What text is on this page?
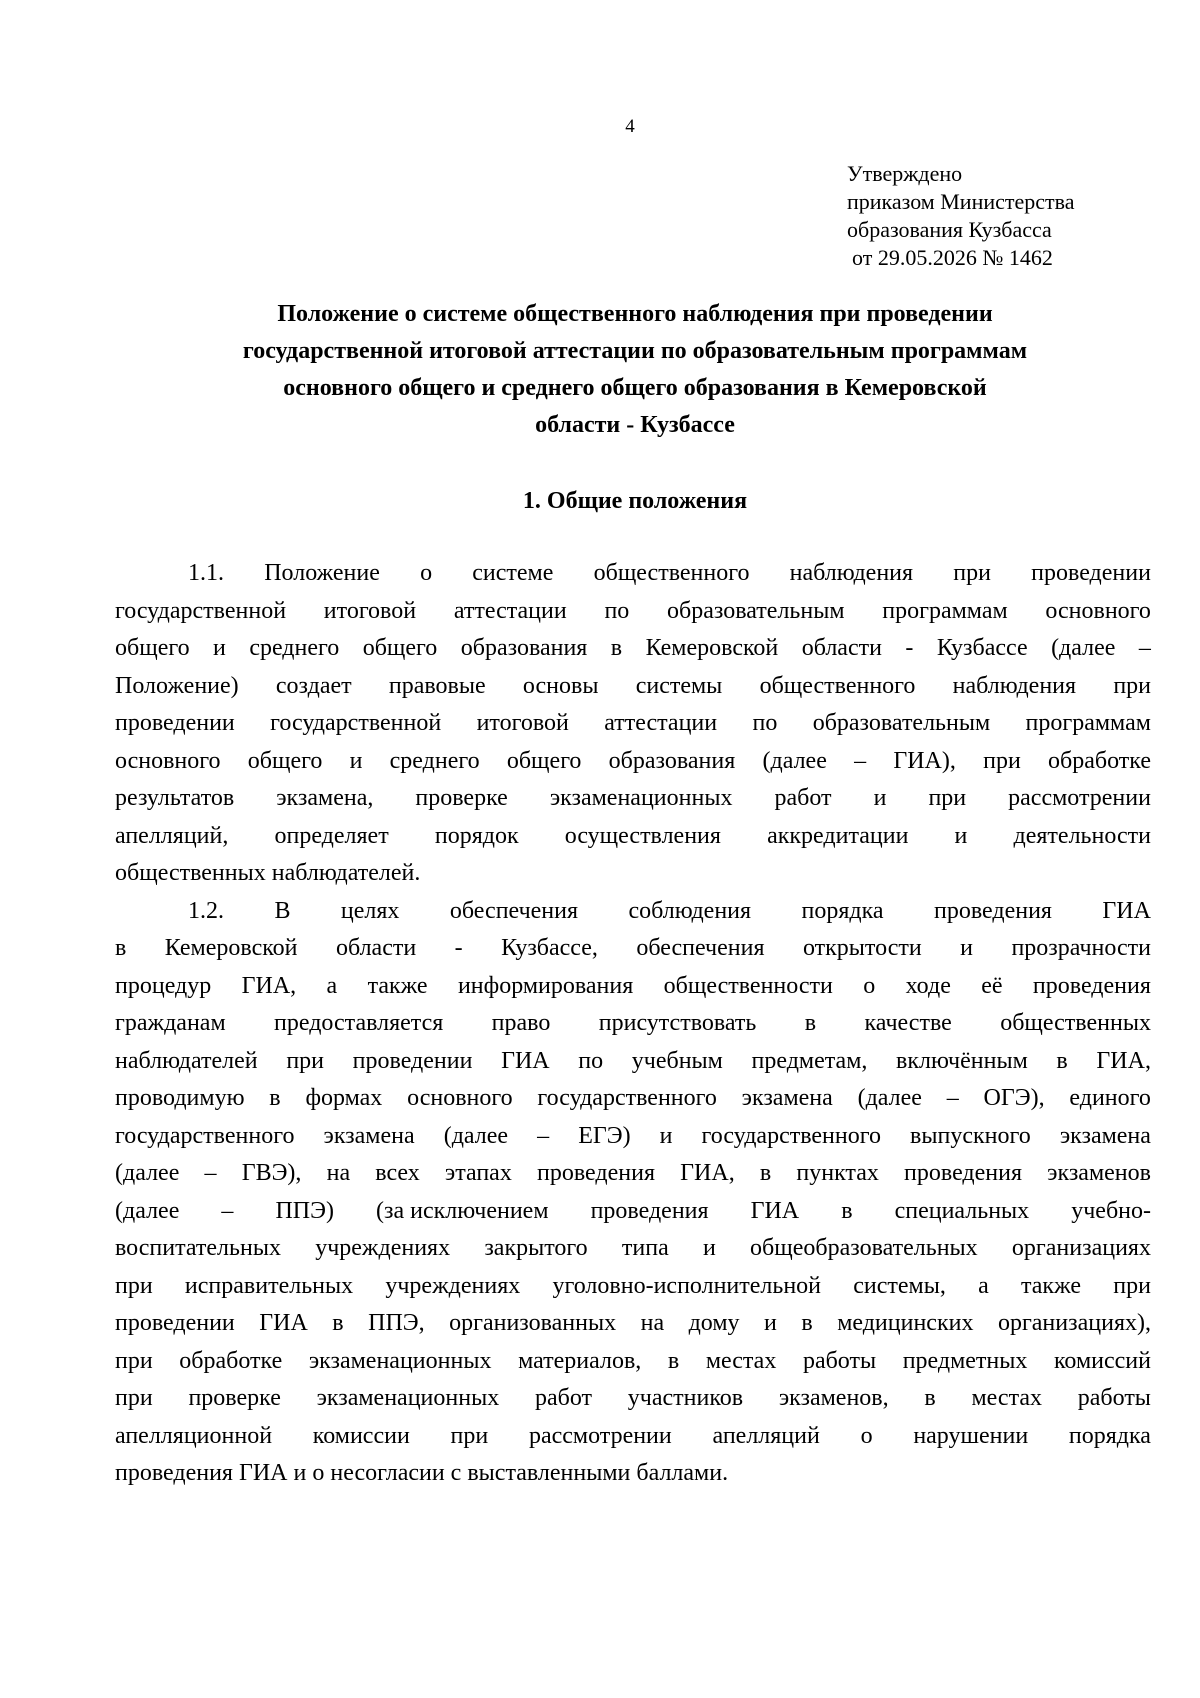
4
Утверждено
приказом Министерства
образования Кузбасса
от 29.05.2026 № 1462
Положение о системе общественного наблюдения при проведении
государственной итоговой аттестации по образовательным программам
основного общего и среднего общего образования в Кемеровской
области - Кузбассе
1. Общие положения
1.1. Положение о системе общественного наблюдения при проведении
государственной итоговой аттестации по образовательным программам основного
общего и среднего общего образования в Кемеровской области - Кузбассе (далее –
Положение) создает правовые основы системы общественного наблюдения при
проведении государственной итоговой аттестации по образовательным программам
основного общего и среднего общего образования (далее – ГИА), при обработке
результатов экзамена, проверке экзаменационных работ и при рассмотрении
апелляций, определяет порядок осуществления аккредитации и деятельности
общественных наблюдателей.
1.2. В целях обеспечения соблюдения порядка проведения ГИА
в Кемеровской области - Кузбассе, обеспечения открытости и прозрачности
процедур ГИА, а также информирования общественности о ходе её проведения
гражданам предоставляется право присутствовать в качестве общественных
наблюдателей при проведении ГИА по учебным предметам, включённым в ГИА,
проводимую в формах основного государственного экзамена (далее – ОГЭ), единого
государственного экзамена (далее – ЕГЭ) и государственного выпускного экзамена
(далее – ГВЭ), на всех этапах проведения ГИА, в пунктах проведения экзаменов
(далее – ППЭ) (за исключением проведения ГИА в специальных учебно-
воспитательных учреждениях закрытого типа и общеобразовательных организациях
при исправительных учреждениях уголовно-исполнительной системы, а также при
проведении ГИА в ППЭ, организованных на дому и в медицинских организациях),
при обработке экзаменационных материалов, в местах работы предметных комиссий
при проверке экзаменационных работ участников экзаменов, в местах работы
апелляционной комиссии при рассмотрении апелляций о нарушении порядка
проведения ГИА и о несогласии с выставленными баллами.
